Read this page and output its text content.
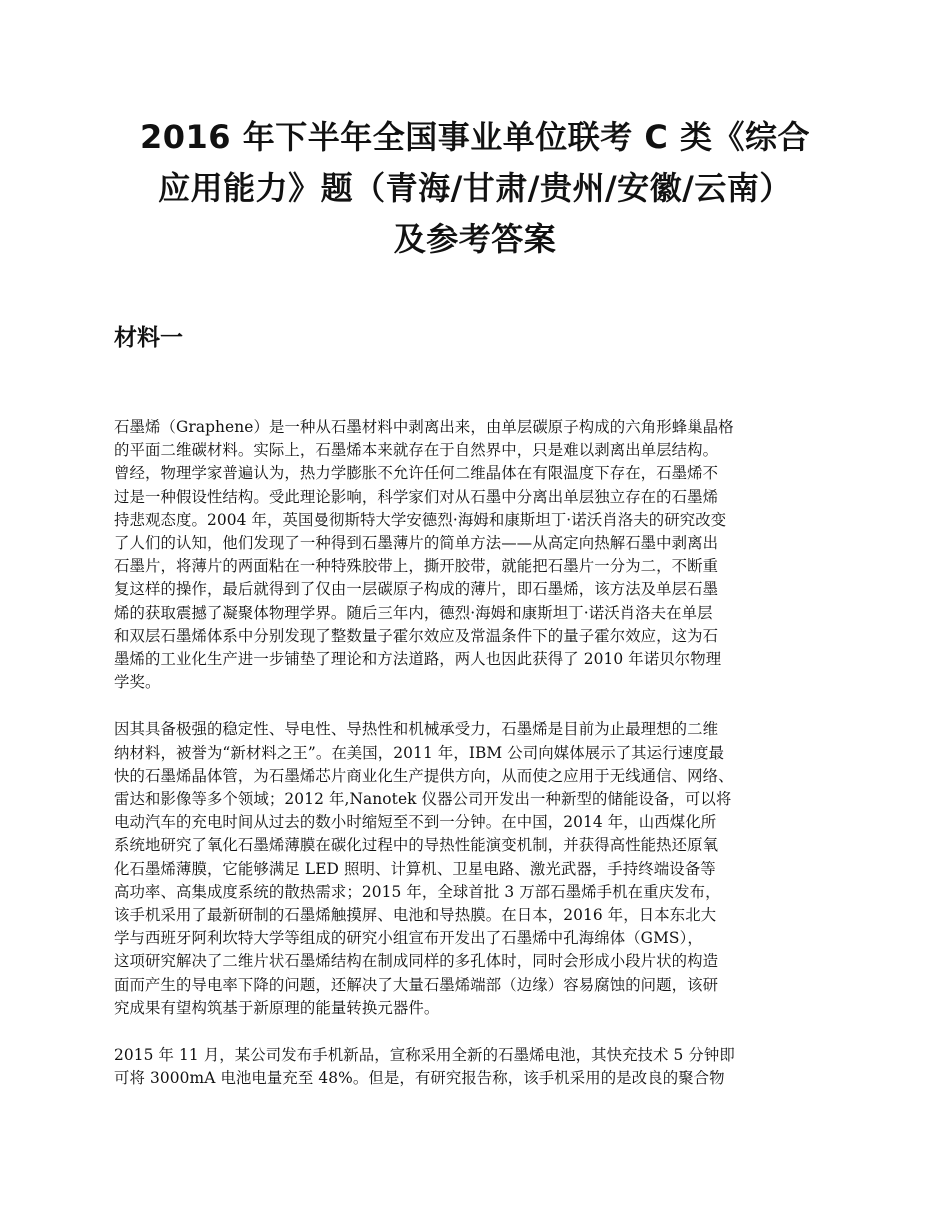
2016 年下半年全国事业单位联考 C 类《综合
应用能力》题（青海/甘肃/贵州/安徽/云南）
及参考答案
材料一

石墨烯（Graphene）是一种从石墨材料中剥离出来，由单层碳原子构成的六角形蜂巢晶格
的平面二维碳材料。实际上，石墨烯本来就存在于自然界中，只是难以剥离出单层结构。
曾经，物理学家普遍认为，热力学膨胀不允许任何二维晶体在有限温度下存在，石墨烯不
过是一种假设性结构。受此理论影响，科学家们对从石墨中分离出单层独立存在的石墨烯
持悲观态度。2004 年，英国曼彻斯特大学安德烈·海姆和康斯坦丁·诺沃肖洛夫的研究改变
了人们的认知，他们发现了一种得到石墨薄片的简单方法——从高定向热解石墨中剥离出
石墨片，将薄片的两面粘在一种特殊胶带上，撕开胶带，就能把石墨片一分为二，不断重
复这样的操作，最后就得到了仅由一层碳原子构成的薄片，即石墨烯，该方法及单层石墨
烯的获取震撼了凝聚体物理学界。随后三年内，德烈·海姆和康斯坦丁·诺沃肖洛夫在单层
和双层石墨烯体系中分别发现了整数量子霍尔效应及常温条件下的量子霍尔效应，这为石
墨烯的工业化生产进一步铺垫了理论和方法道路，两人也因此获得了 2010 年诺贝尔物理
学奖。

因其具备极强的稳定性、导电性、导热性和机械承受力，石墨烯是目前为止最理想的二维
纳材料，被誉为“新材料之王”。在美国，2011 年，IBM 公司向媒体展示了其运行速度最
快的石墨烯晶体管，为石墨烯芯片商业化生产提供方向，从而使之应用于无线通信、网络、
雷达和影像等多个领域；2012 年,Nanotek 仪器公司开发出一种新型的储能设备，可以将
电动汽车的充电时间从过去的数小时缩短至不到一分钟。在中国，2014 年，山西煤化所
系统地研究了氧化石墨烯薄膜在碳化过程中的导热性能演变机制，并获得高性能热还原氧
化石墨烯薄膜，它能够满足 LED 照明、计算机、卫星电路、激光武器，手持终端设备等
高功率、高集成度系统的散热需求；2015 年，全球首批 3 万部石墨烯手机在重庆发布，
该手机采用了最新研制的石墨烯触摸屏、电池和导热膜。在日本，2016 年，日本东北大
学与西班牙阿利坎特大学等组成的研究小组宣布开发出了石墨烯中孔海绵体（GMS），
这项研究解决了二维片状石墨烯结构在制成同样的多孔体时，同时会形成小段片状的构造
面而产生的导电率下降的问题，还解决了大量石墨烯端部（边缘）容易腐蚀的问题，该研
究成果有望构筑基于新原理的能量转换元器件。

2015 年 11 月，某公司发布手机新品，宣称采用全新的石墨烯电池，其快充技术 5 分钟即
可将 3000mA 电池电量充至 48%。但是，有研究报告称，该手机采用的是改良的聚合物
